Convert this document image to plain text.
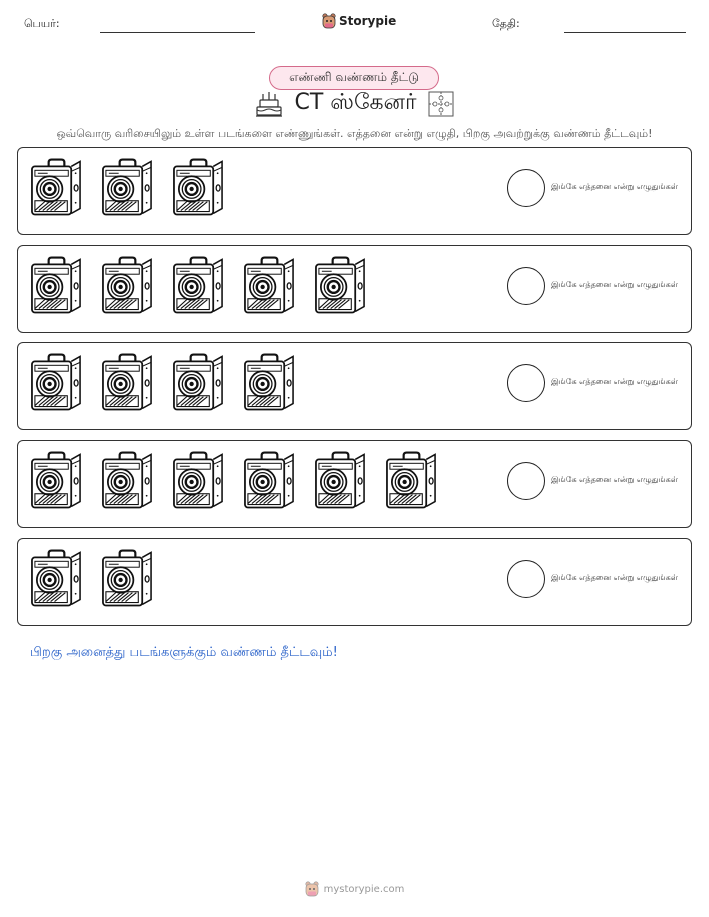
பெயர்:	Storypie	தேதி:
எண்ணி வண்ணம் தீட்டு
CT ஸ்கேனர்
ஒவ்வொரு வரிசையிலும் உள்ள படங்களை எண்ணுங்கள். எத்தனை என்று எழுதி, பிறகு அவற்றுக்கு வண்ணம் தீட்டவும்!
இங்கே எத்தனை என்று எழுதுங்கள்
இங்கே எத்தனை என்று எழுதுங்கள்
இங்கே எத்தனை என்று எழுதுங்கள்
இங்கே எத்தனை என்று எழுதுங்கள்
இங்கே எத்தனை என்று எழுதுங்கள்
பிறகு அனைத்து படங்களுக்கும் வண்ணம் தீட்டவும்!
mystorypie.com
